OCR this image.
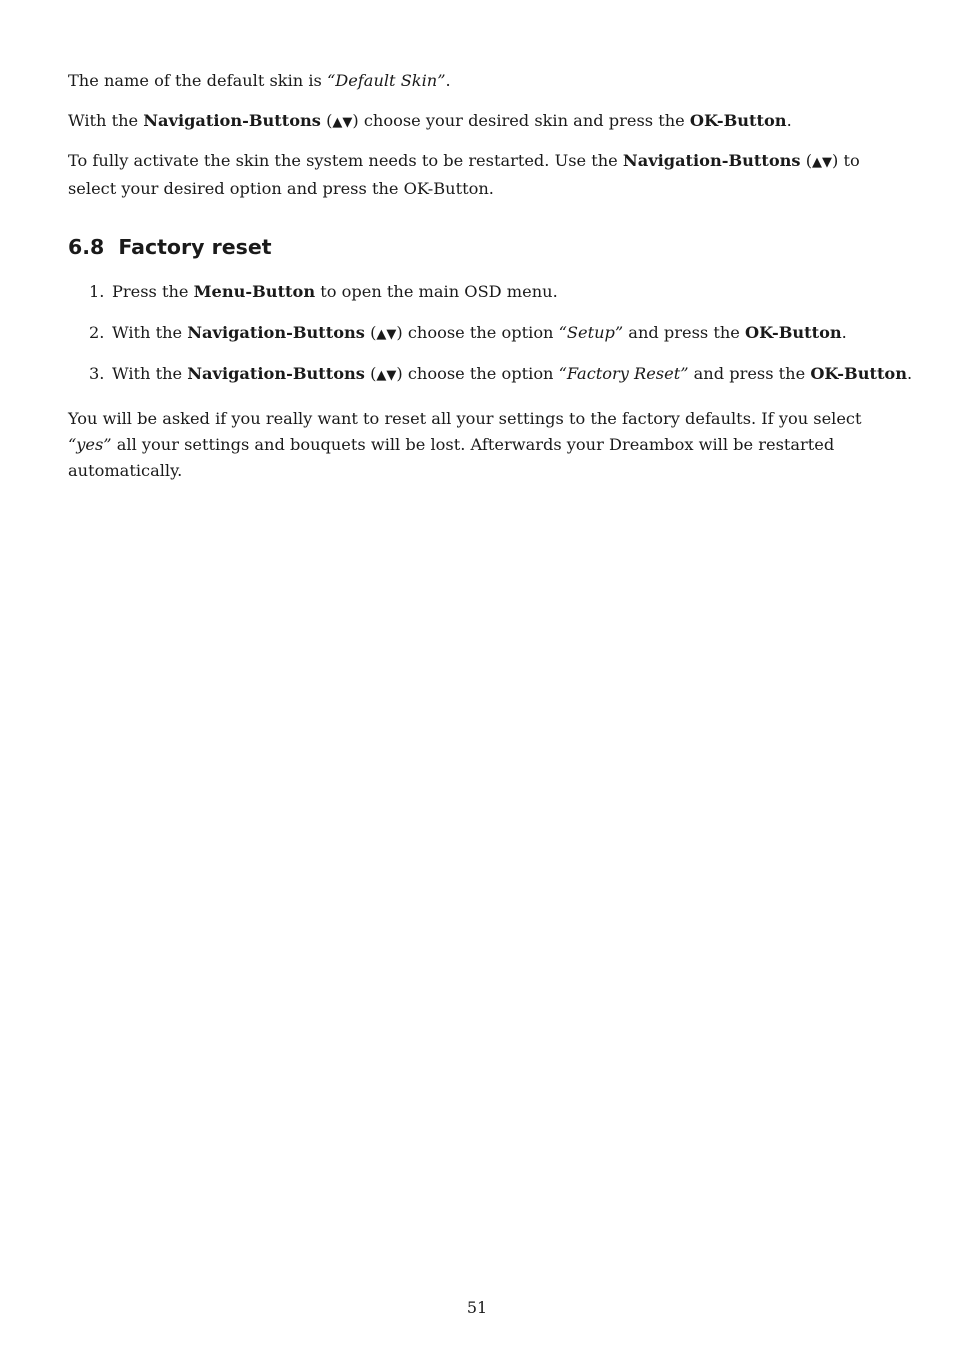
The name of the default skin is “Default Skin”.

With the Navigation-Buttons (▲▼) choose your desired skin and press the OK-Button.

To fully activate the skin the system needs to be restarted. Use the Navigation-Buttons (▲▼) to select your desired option and press the OK-Button.

6.8 Factory reset
1. Press the Menu-Button to open the main OSD menu.
2. With the Navigation-Buttons (▲▼) choose the option “Setup” and press the OK-Button.
3. With the Navigation-Buttons (▲▼) choose the option “Factory Reset” and press the OK-Button.

You will be asked if you really want to reset all your settings to the factory defaults. If you select “yes” all your settings and bouquets will be lost. Afterwards your Dreambox will be restarted automatically.

51
